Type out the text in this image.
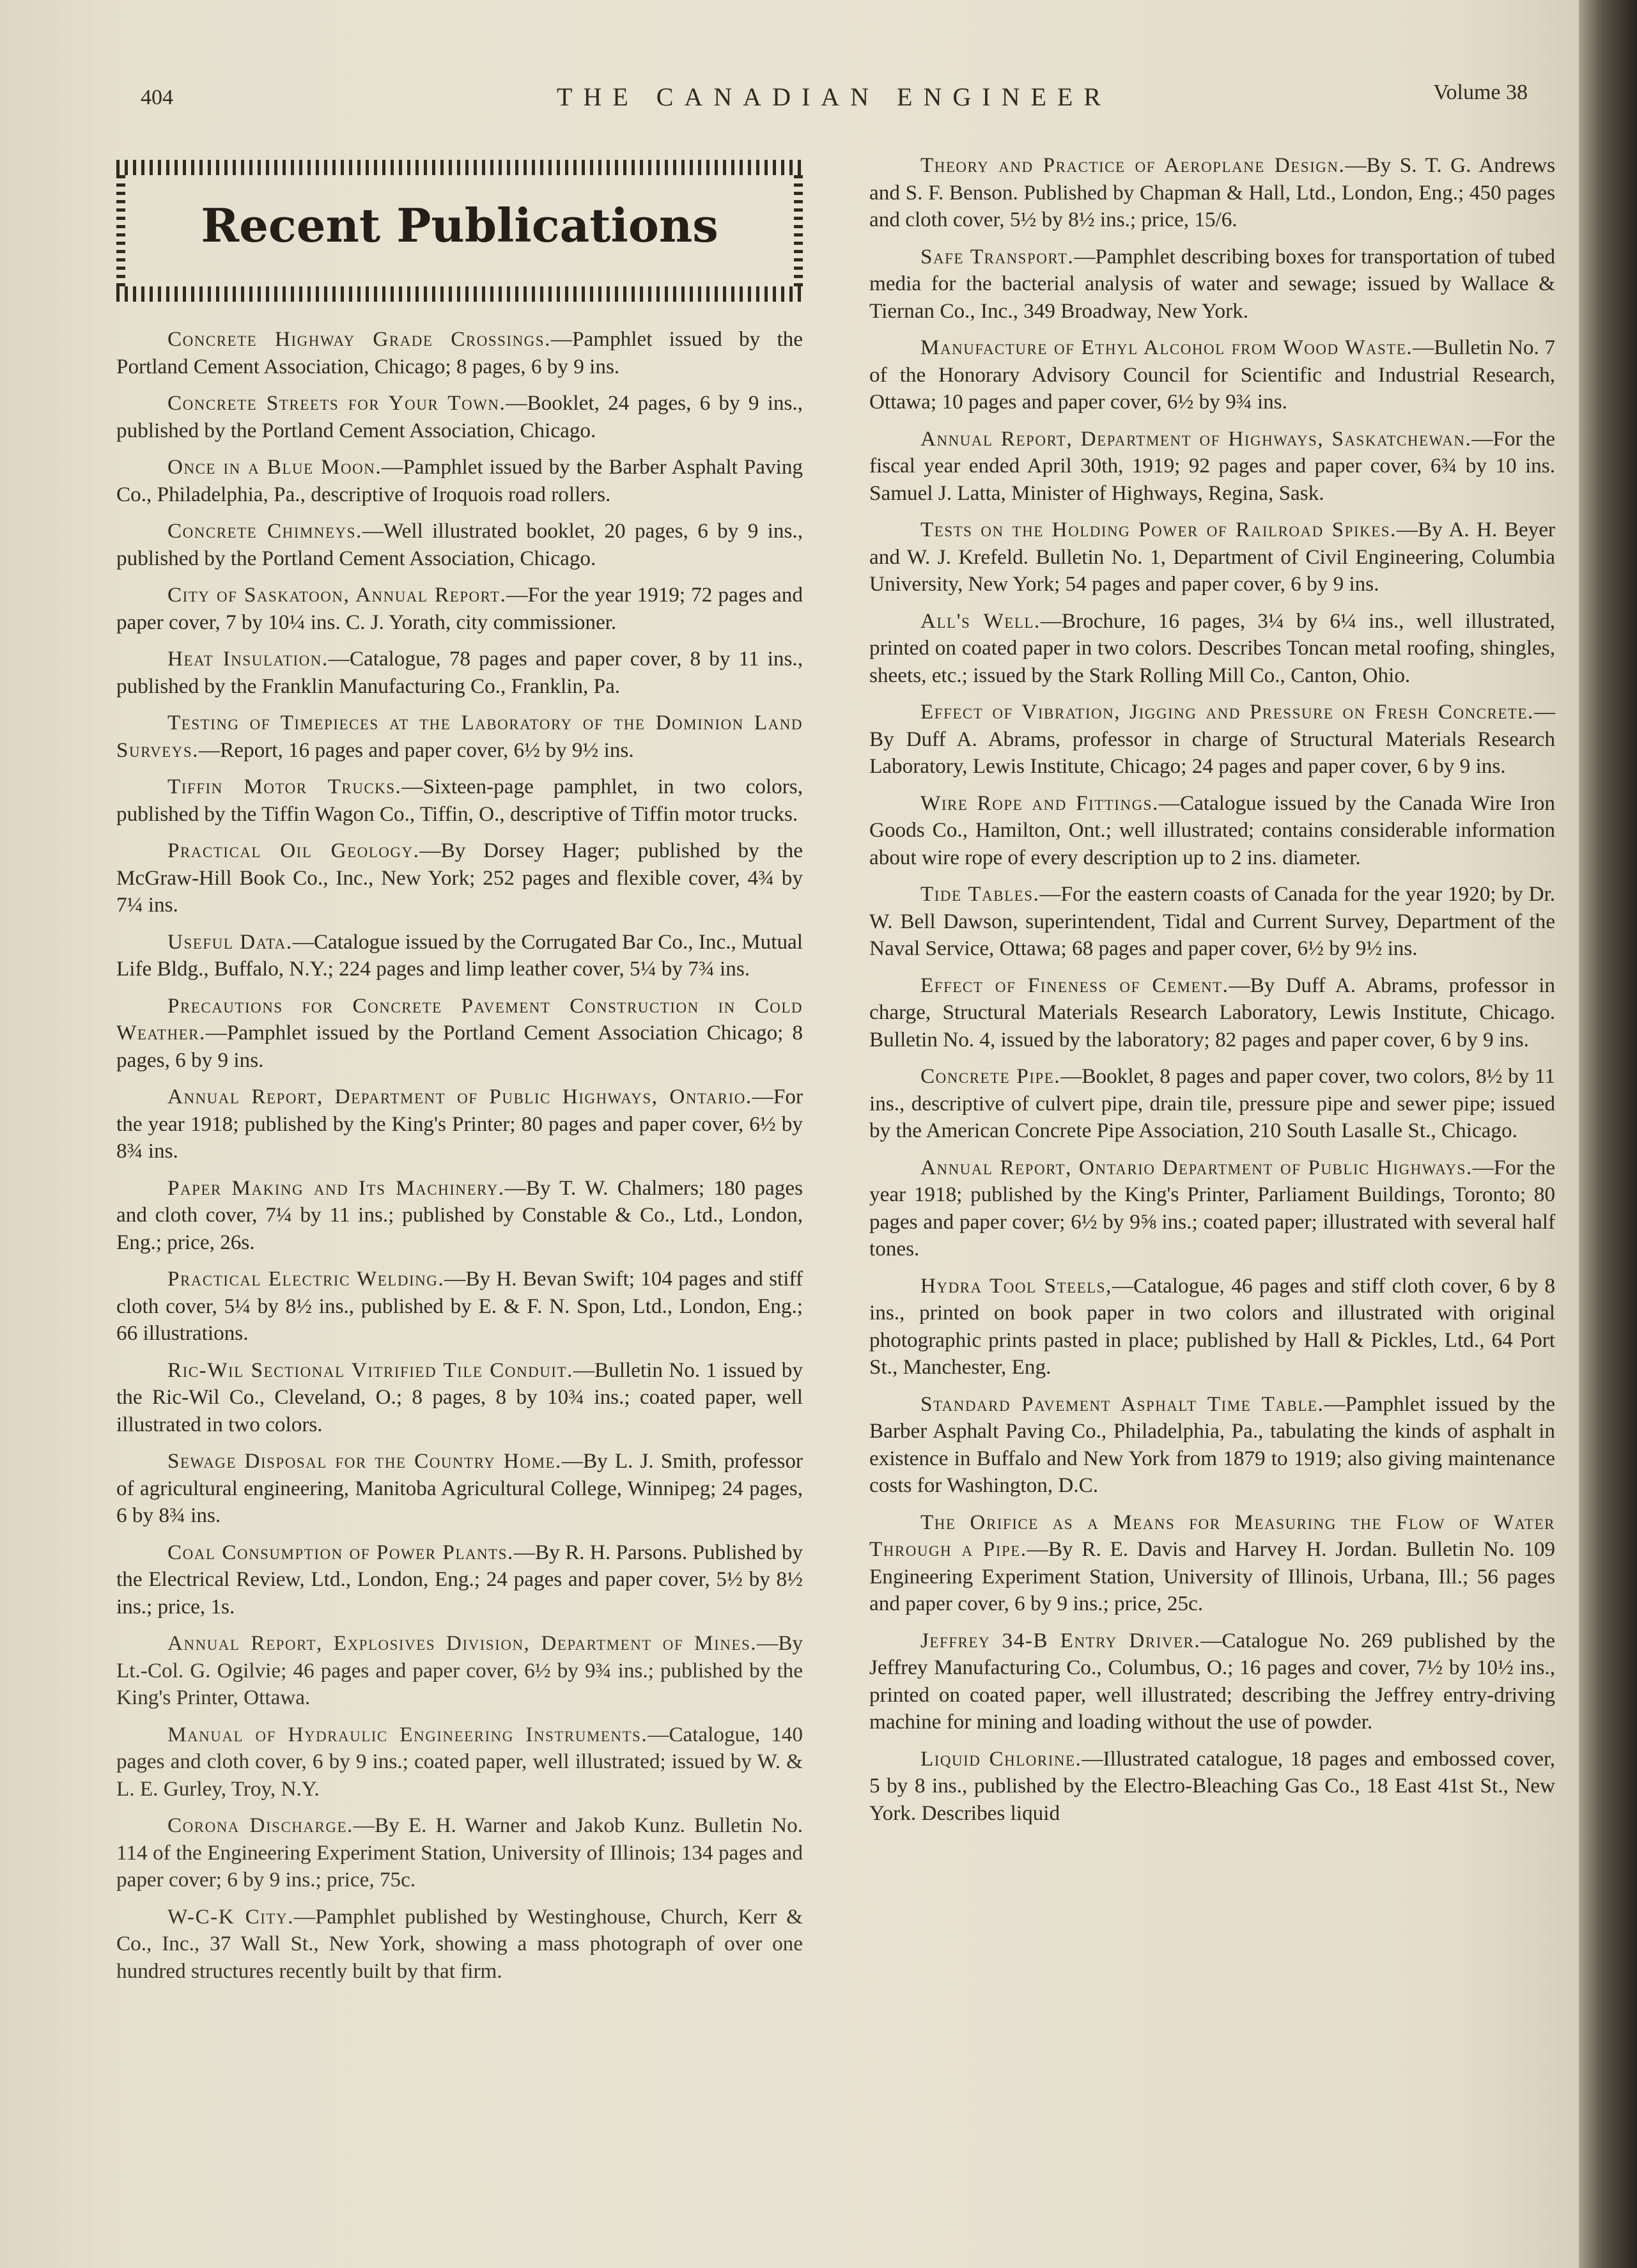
404	THE CANADIAN ENGINEER	Volume 38
Recent Publications

Concrete Highway Grade Crossings.—Pamphlet issued by the Portland Cement Association, Chicago; 8 pages, 6 by 9 ins.

Concrete Streets for Your Town.—Booklet, 24 pages, 6 by 9 ins., published by the Portland Cement Association, Chicago.

Once in a Blue Moon.—Pamphlet issued by the Barber Asphalt Paving Co., Philadelphia, Pa., descriptive of Iroquois road rollers.

Concrete Chimneys.—Well illustrated booklet, 20 pages, 6 by 9 ins., published by the Portland Cement Association, Chicago.

City of Saskatoon, Annual Report.—For the year 1919; 72 pages and paper cover, 7 by 10¼ ins. C. J. Yorath, city commissioner.

Heat Insulation.—Catalogue, 78 pages and paper cover, 8 by 11 ins., published by the Franklin Manufacturing Co., Franklin, Pa.

Testing of Timepieces at the Laboratory of the Dominion Land Surveys.—Report, 16 pages and paper cover, 6½ by 9½ ins.

Tiffin Motor Trucks.—Sixteen-page pamphlet, in two colors, published by the Tiffin Wagon Co., Tiffin, O., descriptive of Tiffin motor trucks.

Practical Oil Geology.—By Dorsey Hager; published by the McGraw-Hill Book Co., Inc., New York; 252 pages and flexible cover, 4¾ by 7¼ ins.

Useful Data.—Catalogue issued by the Corrugated Bar Co., Inc., Mutual Life Bldg., Buffalo, N.Y.; 224 pages and limp leather cover, 5¼ by 7¾ ins.

Precautions for Concrete Pavement Construction in Cold Weather.—Pamphlet issued by the Portland Cement Association Chicago; 8 pages, 6 by 9 ins.

Annual Report, Department of Public Highways, Ontario.—For the year 1918; published by the King's Printer; 80 pages and paper cover, 6½ by 8¾ ins.

Paper Making and Its Machinery.—By T. W. Chalmers; 180 pages and cloth cover, 7¼ by 11 ins.; published by Constable & Co., Ltd., London, Eng.; price, 26s.

Practical Electric Welding.—By H. Bevan Swift; 104 pages and stiff cloth cover, 5¼ by 8½ ins., published by E. & F. N. Spon, Ltd., London, Eng.; 66 illustrations.

Ric-Wil Sectional Vitrified Tile Conduit.—Bulletin No. 1 issued by the Ric-Wil Co., Cleveland, O.; 8 pages, 8 by 10¾ ins.; coated paper, well illustrated in two colors.

Sewage Disposal for the Country Home.—By L. J. Smith, professor of agricultural engineering, Manitoba Agricultural College, Winnipeg; 24 pages, 6 by 8¾ ins.

Coal Consumption of Power Plants.—By R. H. Parsons. Published by the Electrical Review, Ltd., London, Eng.; 24 pages and paper cover, 5½ by 8½ ins.; price, 1s.

Annual Report, Explosives Division, Department of Mines.—By Lt.-Col. G. Ogilvie; 46 pages and paper cover, 6½ by 9¾ ins.; published by the King's Printer, Ottawa.

Manual of Hydraulic Engineering Instruments.—Catalogue, 140 pages and cloth cover, 6 by 9 ins.; coated paper, well illustrated; issued by W. & L. E. Gurley, Troy, N.Y.

Corona Discharge.—By E. H. Warner and Jakob Kunz. Bulletin No. 114 of the Engineering Experiment Station, University of Illinois; 134 pages and paper cover; 6 by 9 ins.; price, 75c.

W-C-K City.—Pamphlet published by Westinghouse, Church, Kerr & Co., Inc., 37 Wall St., New York, showing a mass photograph of over one hundred structures recently built by that firm.

Theory and Practice of Aeroplane Design.—By S. T. G. Andrews and S. F. Benson. Published by Chapman & Hall, Ltd., London, Eng.; 450 pages and cloth cover, 5½ by 8½ ins.; price, 15/6.

Safe Transport.—Pamphlet describing boxes for transportation of tubed media for the bacterial analysis of water and sewage; issued by Wallace & Tiernan Co., Inc., 349 Broadway, New York.

Manufacture of Ethyl Alcohol from Wood Waste.—Bulletin No. 7 of the Honorary Advisory Council for Scientific and Industrial Research, Ottawa; 10 pages and paper cover, 6½ by 9¾ ins.

Annual Report, Department of Highways, Saskatchewan.—For the fiscal year ended April 30th, 1919; 92 pages and paper cover, 6¾ by 10 ins. Samuel J. Latta, Minister of Highways, Regina, Sask.

Tests on the Holding Power of Railroad Spikes.—By A. H. Beyer and W. J. Krefeld. Bulletin No. 1, Department of Civil Engineering, Columbia University, New York; 54 pages and paper cover, 6 by 9 ins.

All's Well.—Brochure, 16 pages, 3¼ by 6¼ ins., well illustrated, printed on coated paper in two colors. Describes Toncan metal roofing, shingles, sheets, etc.; issued by the Stark Rolling Mill Co., Canton, Ohio.

Effect of Vibration, Jigging and Pressure on Fresh Concrete.—By Duff A. Abrams, professor in charge of Structural Materials Research Laboratory, Lewis Institute, Chicago; 24 pages and paper cover, 6 by 9 ins.

Wire Rope and Fittings.—Catalogue issued by the Canada Wire Iron Goods Co., Hamilton, Ont.; well illustrated; contains considerable information about wire rope of every description up to 2 ins. diameter.

Tide Tables.—For the eastern coasts of Canada for the year 1920; by Dr. W. Bell Dawson, superintendent, Tidal and Current Survey, Department of the Naval Service, Ottawa; 68 pages and paper cover, 6½ by 9½ ins.

Effect of Fineness of Cement.—By Duff A. Abrams, professor in charge, Structural Materials Research Laboratory, Lewis Institute, Chicago. Bulletin No. 4, issued by the laboratory; 82 pages and paper cover, 6 by 9 ins.

Concrete Pipe.—Booklet, 8 pages and paper cover, two colors, 8½ by 11 ins., descriptive of culvert pipe, drain tile, pressure pipe and sewer pipe; issued by the American Concrete Pipe Association, 210 South Lasalle St., Chicago.

Annual Report, Ontario Department of Public Highways.—For the year 1918; published by the King's Printer, Parliament Buildings, Toronto; 80 pages and paper cover; 6½ by 9⅝ ins.; coated paper; illustrated with several half tones.

Hydra Tool Steels,—Catalogue, 46 pages and stiff cloth cover, 6 by 8 ins., printed on book paper in two colors and illustrated with original photographic prints pasted in place; published by Hall & Pickles, Ltd., 64 Port St., Manchester, Eng.

Standard Pavement Asphalt Time Table.—Pamphlet issued by the Barber Asphalt Paving Co., Philadelphia, Pa., tabulating the kinds of asphalt in existence in Buffalo and New York from 1879 to 1919; also giving maintenance costs for Washington, D.C.

The Orifice as a Means for Measuring the Flow of Water Through a Pipe.—By R. E. Davis and Harvey H. Jordan. Bulletin No. 109 Engineering Experiment Station, University of Illinois, Urbana, Ill.; 56 pages and paper cover, 6 by 9 ins.; price, 25c.

Jeffrey 34-B Entry Driver.—Catalogue No. 269 published by the Jeffrey Manufacturing Co., Columbus, O.; 16 pages and cover, 7½ by 10½ ins., printed on coated paper, well illustrated; describing the Jeffrey entry-driving machine for mining and loading without the use of powder.

Liquid Chlorine.—Illustrated catalogue, 18 pages and embossed cover, 5 by 8 ins., published by the Electro-Bleaching Gas Co., 18 East 41st St., New York. Describes liquid
